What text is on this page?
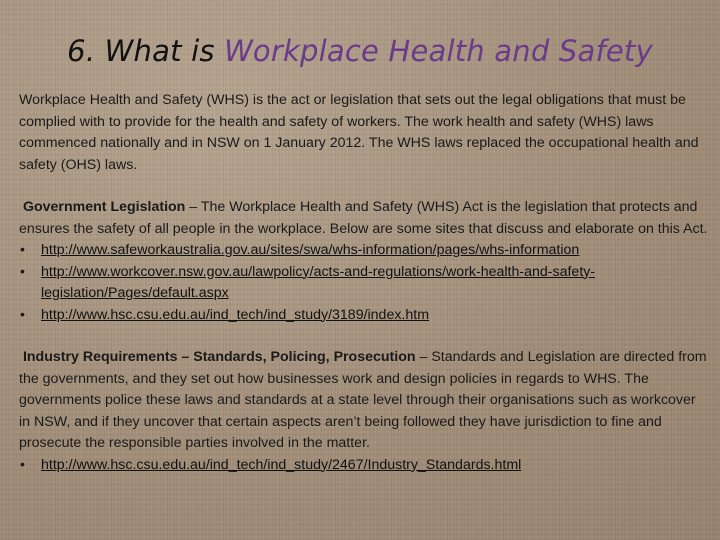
6. What is Workplace Health and Safety

Workplace Health and Safety (WHS) is the act or legislation that sets out the legal obligations that must be complied with to provide for the health and safety of workers. The work health and safety (WHS) laws commenced nationally and in NSW on 1 January 2012. The WHS laws replaced the occupational health and safety (OHS) laws.

Government Legislation – The Workplace Health and Safety (WHS) Act is the legislation that protects and ensures the safety of all people in the workplace. Below are some sites that discuss and elaborate on this Act.

• http://www.safeworkaustralia.gov.au/sites/swa/whs-information/pages/whs-information
• http://www.workcover.nsw.gov.au/lawpolicy/acts-and-regulations/work-health-and-safety-legislation/Pages/default.aspx
• http://www.hsc.csu.edu.au/ind_tech/ind_study/3189/index.htm

Industry Requirements – Standards, Policing, Prosecution – Standards and Legislation are directed from the governments, and they set out how businesses work and design policies in regards to WHS. The governments police these laws and standards at a state level through their organisations such as workcover in NSW, and if they uncover that certain aspects aren’t being followed they have jurisdiction to fine and prosecute the responsible parties involved in the matter.

• http://www.hsc.csu.edu.au/ind_tech/ind_study/2467/Industry_Standards.html
